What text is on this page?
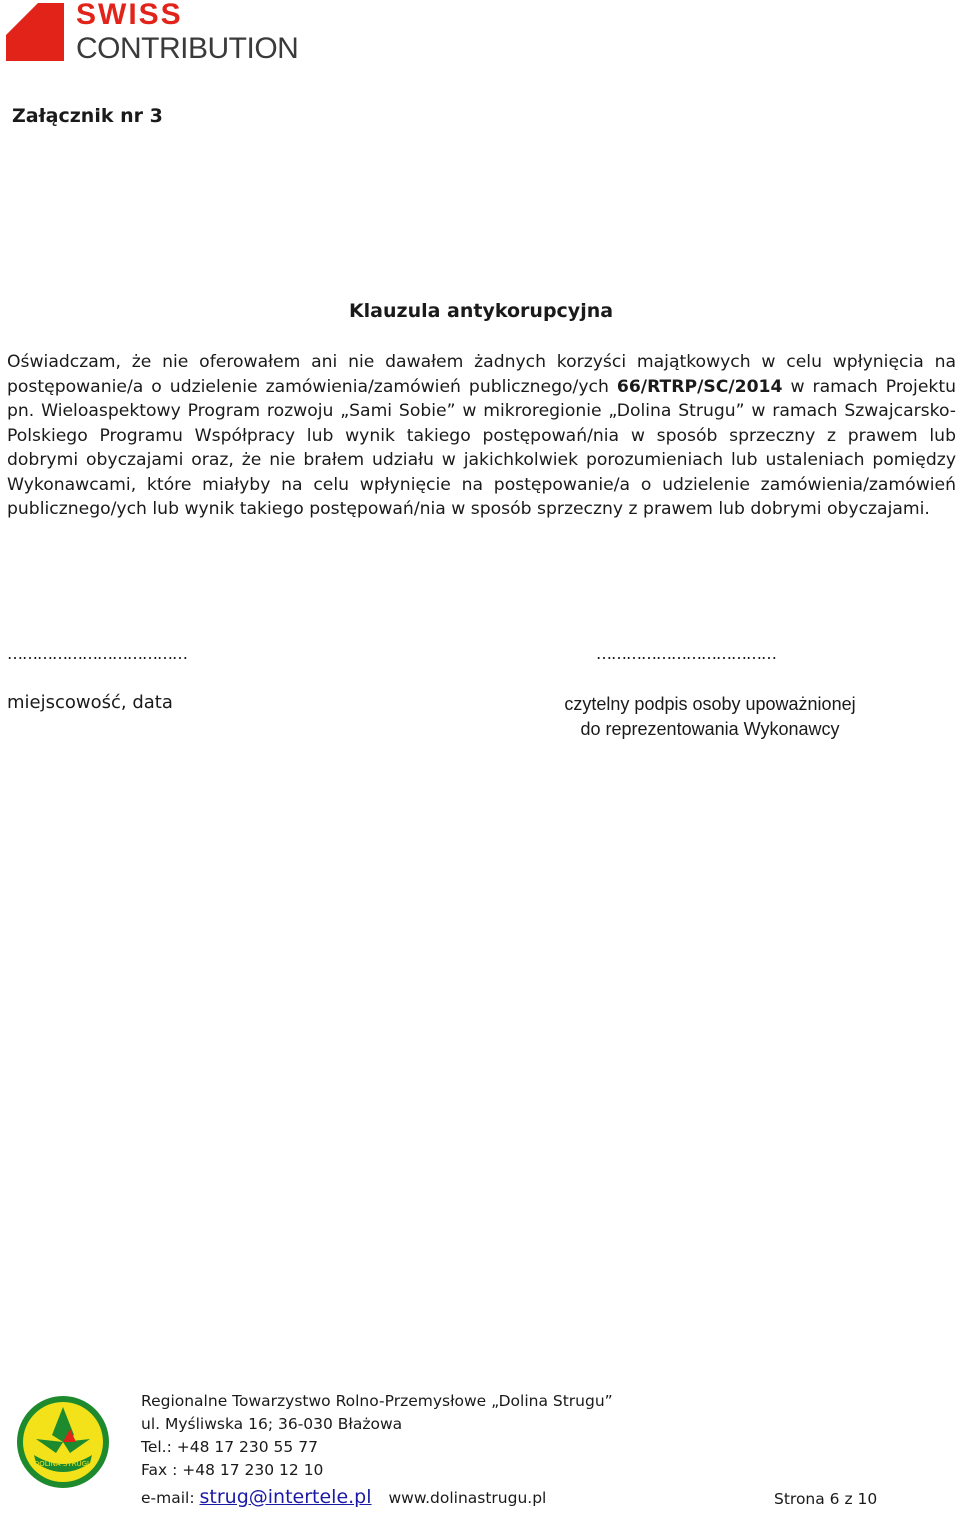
SWISS
CONTRIBUTION
Załącznik nr 3
Klauzula antykorupcyjna

Oświadczam, że nie oferowałem ani nie dawałem żadnych korzyści majątkowych w celu wpłynięcia na postępowanie/a o udzielenie zamówienia/zamówień publicznego/ych 66/RTRP/SC/2014 w ramach Projektu pn. Wieloaspektowy Program rozwoju „Sami Sobie” w mikroregionie „Dolina Strugu” w ramach Szwajcarsko-Polskiego Programu Współpracy lub wynik takiego postępowań/nia w sposób sprzeczny z prawem lub dobrymi obyczajami oraz, że nie brałem udziału w jakichkolwiek porozumieniach lub ustaleniach pomiędzy Wykonawcami, które miałyby na celu wpłynięcie na postępowanie/a o udzielenie zamówienia/zamówień publicznego/ych lub wynik takiego postępowań/nia w sposób sprzeczny z prawem lub dobrymi obyczajami.

………………………………	………………………………
miejscowość, data	czytelny podpis osoby upoważnionej
do reprezentowania Wykonawcy
DOLINA STRUGU
Regionalne Towarzystwo Rolno-Przemysłowe „Dolina Strugu”
ul. Myśliwska 16; 36-030 Błażowa
Tel.: +48 17 230 55 77
Fax : +48 17 230 12 10
e-mail: strug@intertele.pl www.dolinastrugu.pl	Strona 6 z 10
